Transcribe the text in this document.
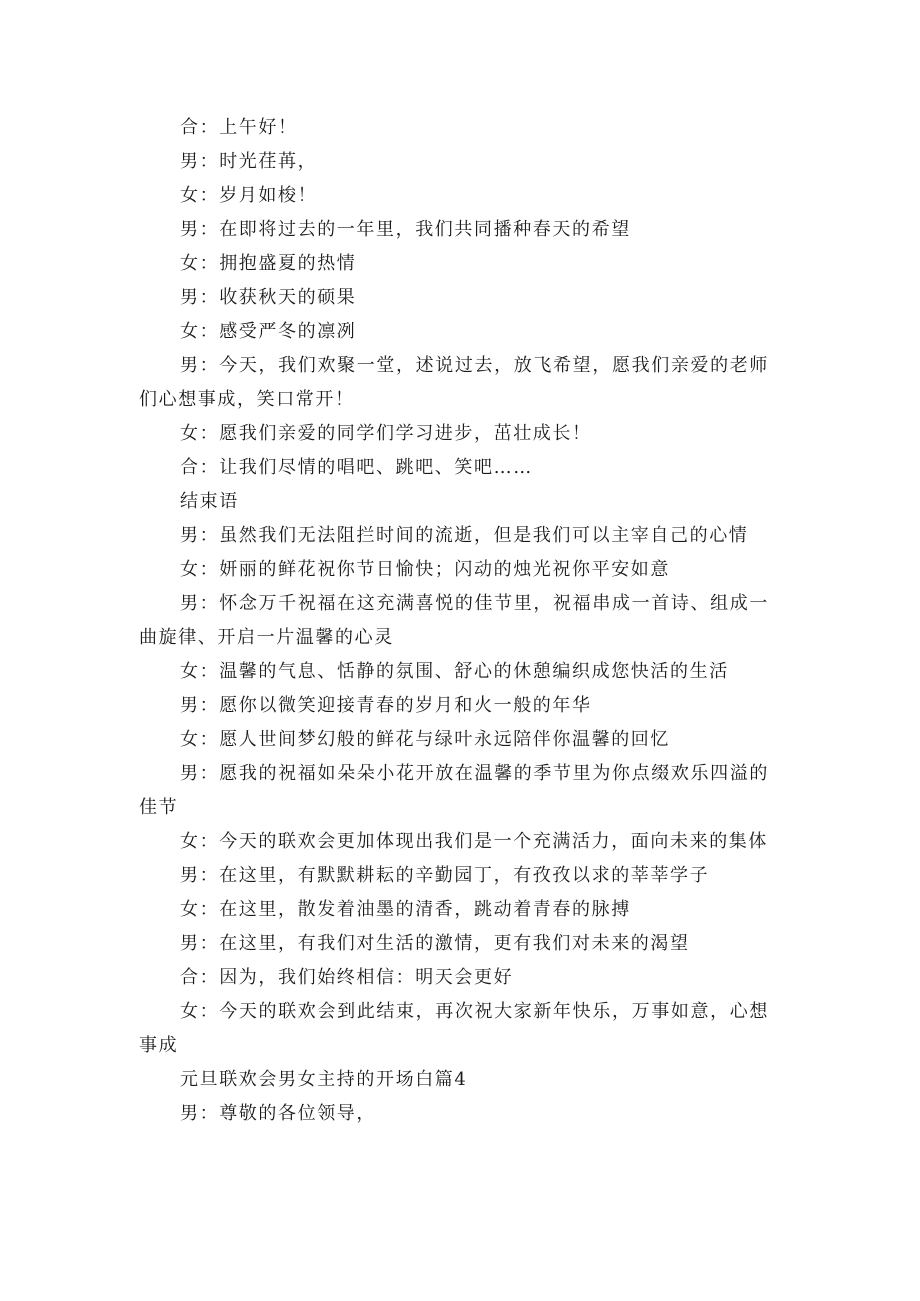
合：上午好！

男：时光荏苒，

女：岁月如梭！

男：在即将过去的一年里，我们共同播种春天的希望

女：拥抱盛夏的热情

男：收获秋天的硕果

女：感受严冬的凛冽

男：今天，我们欢聚一堂，述说过去，放飞希望，愿我们亲爱的老师们心想事成，笑口常开！

女：愿我们亲爱的同学们学习进步，茁壮成长！

合：让我们尽情的唱吧、跳吧、笑吧……

结束语

男：虽然我们无法阻拦时间的流逝，但是我们可以主宰自己的心情

女：妍丽的鲜花祝你节日愉快；闪动的烛光祝你平安如意

男：怀念万千祝福在这充满喜悦的佳节里，祝福串成一首诗、组成一曲旋律、开启一片温馨的心灵

女：温馨的气息、恬静的氛围、舒心的休憩编织成您快活的生活

男：愿你以微笑迎接青春的岁月和火一般的年华

女：愿人世间梦幻般的鲜花与绿叶永远陪伴你温馨的回忆

男：愿我的祝福如朵朵小花开放在温馨的季节里为你点缀欢乐四溢的佳节

女：今天的联欢会更加体现出我们是一个充满活力，面向未来的集体

男：在这里，有默默耕耘的辛勤园丁，有孜孜以求的莘莘学子

女：在这里，散发着油墨的清香，跳动着青春的脉搏

男：在这里，有我们对生活的激情，更有我们对未来的渴望

合：因为，我们始终相信：明天会更好

女：今天的联欢会到此结束，再次祝大家新年快乐，万事如意，心想事成

元旦联欢会男女主持的开场白篇4

男：尊敬的各位领导，
